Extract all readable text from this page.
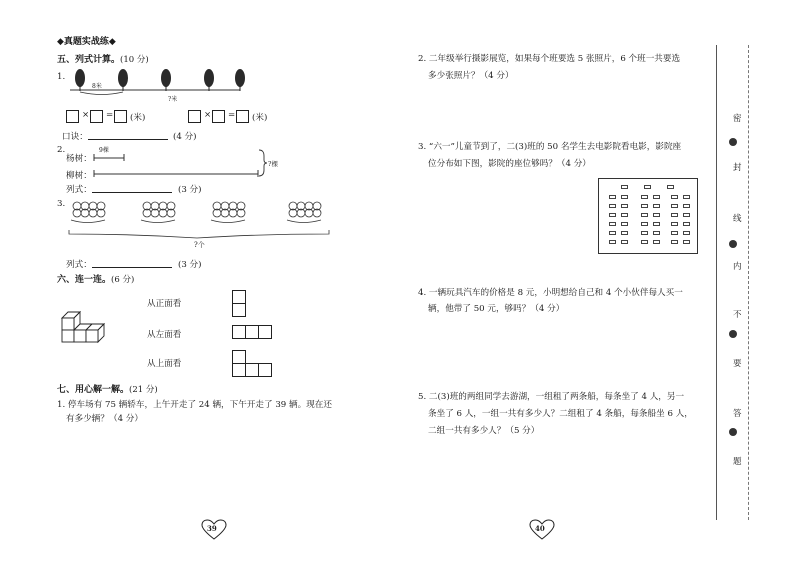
◆真题实战练◆
五、列式计算。(10 分)
1.
8米
?米
× = (米)	× = (米)
口诀：	(4 分)
2.
杨树：
9棵
柳树：
?棵
列式：	(3 分)
3.
?个
列式：	(3 分)
六、连一连。(6 分)
从正面看
从左面看
从上面看
七、用心解一解。(21 分)
1. 停车场有 75 辆轿车，上午开走了 24 辆，下午开走了 39 辆。现在还
有多少辆？（4 分）
39
2. 二年级举行摄影展览，如果每个班要选 5 张照片，6 个班一共要选
多少张照片？（4 分）
3. “六一”儿童节到了，二(3)班的 50 名学生去电影院看电影，影院座
位分布如下图，影院的座位够吗？（4 分）
4. 一辆玩具汽车的价格是 8 元，小明想给自己和 4 个小伙伴每人买一
辆，他带了 50 元，够吗？（4 分）
5. 二(3)班的两组同学去游湖，一组租了两条船，每条坐了 4 人，另一
条坐了 6 人，一组一共有多少人？二组租了 4 条船，每条船坐 6 人，
二组一共有多少人？（5 分）
40
密
封
线
内
不
要
答
题
